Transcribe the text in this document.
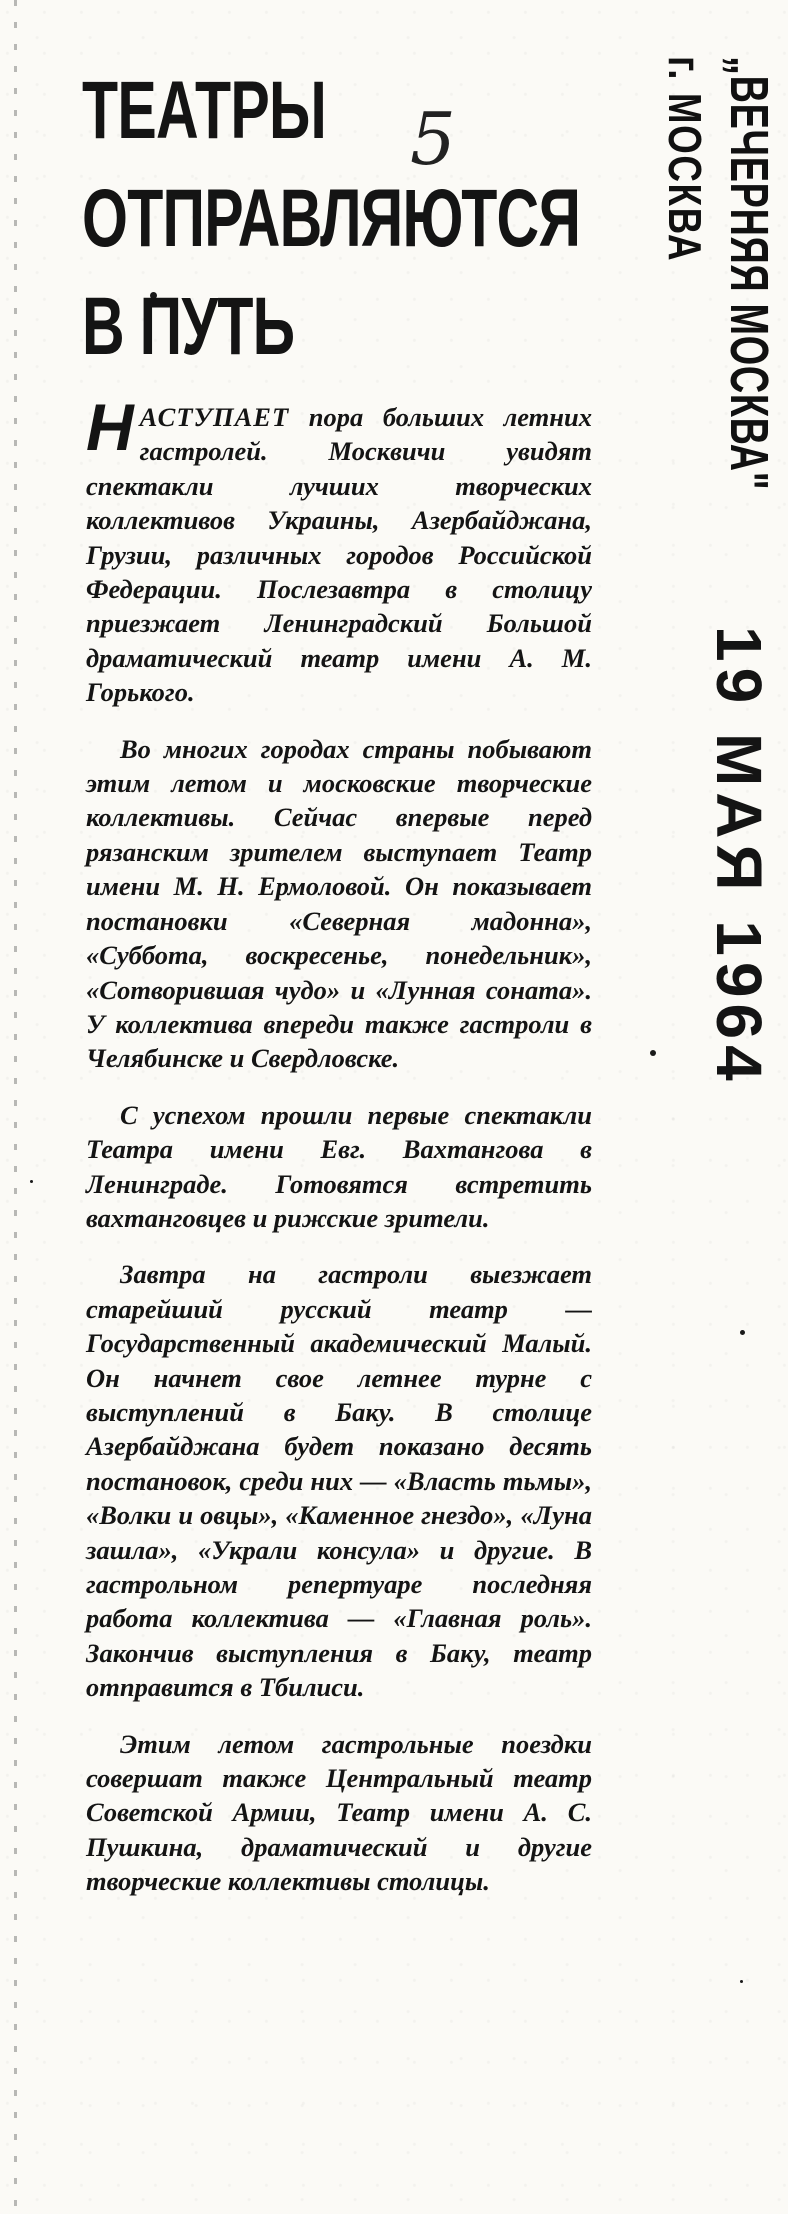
ТЕАТРЫ
ОТПРАВЛЯЮТСЯ
В ПУТЬ
5	„ВЕЧЕРНЯЯ МОСКВА"
г. МОСКВА
19 МАЯ 1964

НАСТУПАЕТ пора больших летних гастролей. Москвичи увидят спектакли лучших творческих коллективов Украины, Азербайджана, Грузии, различных городов Российской Федерации. Послезавтра в столицу приезжает Ленинградский Большой драматический театр имени А. М. Горького.

Во многих городах страны побывают этим летом и московские творческие коллективы. Сейчас впервые перед рязанским зрителем выступает Театр имени М. Н. Ермоловой. Он показывает постановки «Северная мадонна», «Суббота, воскресенье, понедельник», «Сотворившая чудо» и «Лунная соната». У коллектива впереди также гастроли в Челябинске и Свердловске.

С успехом прошли первые спектакли Театра имени Евг. Вахтангова в Ленинграде. Готовятся встретить вахтанговцев и рижские зрители.

Завтра на гастроли выезжает старейший русский театр — Государственный академический Малый. Он начнет свое летнее турне с выступлений в Баку. В столице Азербайджана будет показано десять постановок, среди них — «Власть тьмы», «Волки и овцы», «Каменное гнездо», «Луна зашла», «Украли консула» и другие. В гастрольном репертуаре последняя работа коллектива — «Главная роль». Закончив выступления в Баку, театр отправится в Тбилиси.

Этим летом гастрольные поездки совершат также Центральный театр Советской Армии, Театр имени А. С. Пушкина, драматический и другие творческие коллективы столицы.
